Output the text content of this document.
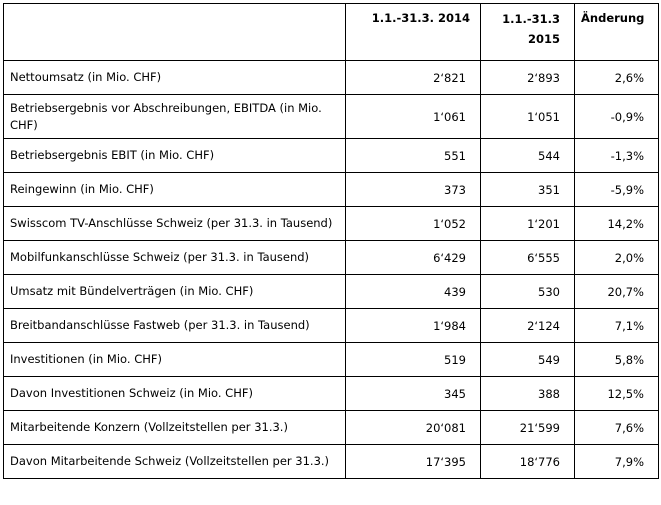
	1.1.-31.3. 2014	1.1.-31.3 2015	Änderung
Nettoumsatz (in Mio. CHF)	2‘821	2‘893	2,6%
Betriebsergebnis vor Abschreibungen, EBITDA (in Mio. CHF)	1‘061	1‘051	-0,9%
Betriebsergebnis EBIT (in Mio. CHF)	551	544	-1,3%
Reingewinn (in Mio. CHF)	373	351	-5,9%
Swisscom TV-Anschlüsse Schweiz (per 31.3. in Tausend)	1‘052	1‘201	14,2%
Mobilfunkanschlüsse Schweiz (per 31.3. in Tausend)	6‘429	6‘555	2,0%
Umsatz mit Bündelverträgen (in Mio. CHF)	439	530	20,7%
Breitbandanschlüsse Fastweb (per 31.3. in Tausend)	1‘984	2‘124	7,1%
Investitionen (in Mio. CHF)	519	549	5,8%
Davon Investitionen Schweiz (in Mio. CHF)	345	388	12,5%
Mitarbeitende Konzern (Vollzeitstellen per 31.3.)	20‘081	21‘599	7,6%
Davon Mitarbeitende Schweiz (Vollzeitstellen per 31.3.)	17‘395	18‘776	7,9%
